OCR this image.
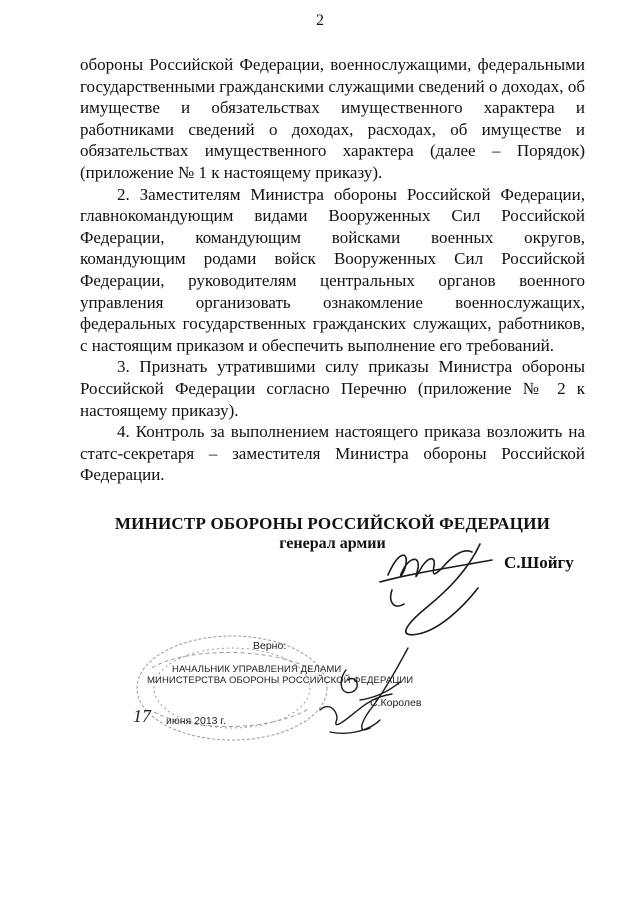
2

обороны Российской Федерации, военнослужащими, федеральными государственными гражданскими служащими сведений о доходах, об имуществе и обязательствах имущественного характера и работниками сведений о доходах, расходах, об имуществе и обязательствах имущественного характера (далее – Порядок) (приложение № 1 к настоящему приказу).

2. Заместителям Министра обороны Российской Федерации, главнокомандующим видами Вооруженных Сил Российской Федерации, командующим войсками военных округов, командующим родами войск Вооруженных Сил Российской Федерации, руководителям центральных органов военного управления организовать ознакомление военнослужащих, федеральных государственных гражданских служащих, работников, с настоящим приказом и обеспечить выполнение его требований.

3. Признать утратившими силу приказы Министра обороны Российской Федерации согласно Перечню (приложение № 2 к настоящему приказу).

4. Контроль за выполнением настоящего приказа возложить на статс-секретаря – заместителя Министра обороны Российской Федерации.

МИНИСТР ОБОРОНЫ РОССИЙСКОЙ ФЕДЕРАЦИИ
генерал армии
С.Шойгу
Верно:
НАЧАЛЬНИК УПРАВЛЕНИЯ ДЕЛАМИ
МИНИСТЕРСТВА ОБОРОНЫ РОССИЙСКОЙ ФЕДЕРАЦИИ
17 июня 2013 г.
С.Королев
